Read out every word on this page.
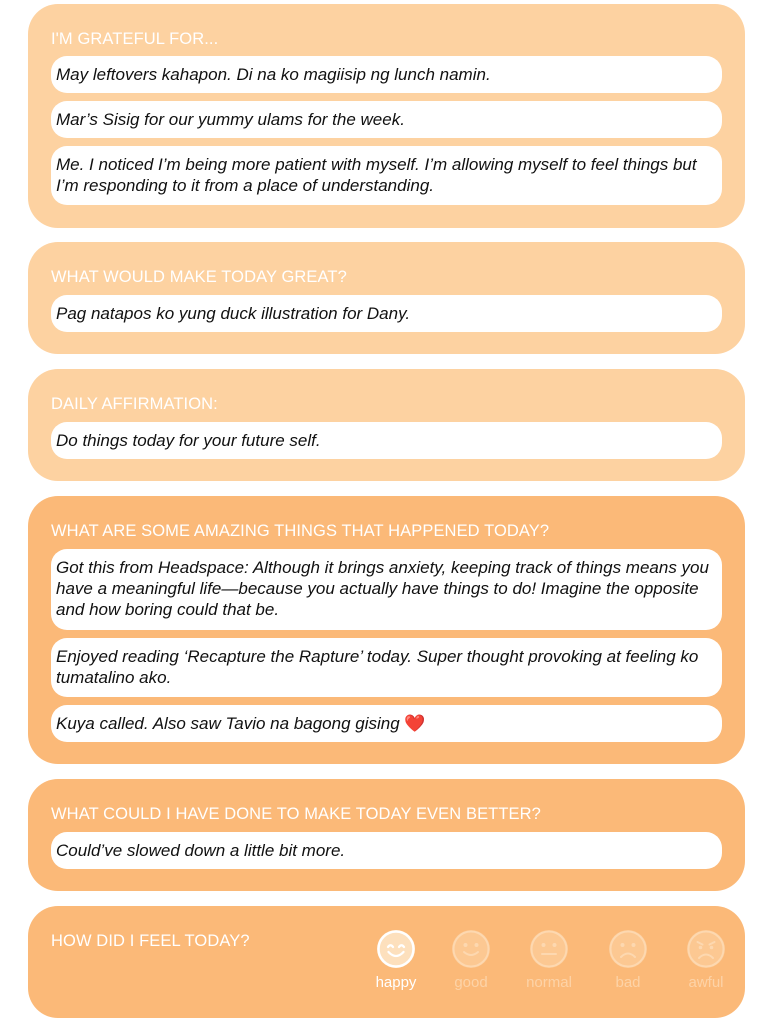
I'M GRATEFUL FOR...
May leftovers kahapon. Di na ko magiisip ng lunch namin.
Mar’s Sisig for our yummy ulams for the week.
Me. I noticed I’m being more patient with myself. I’m allowing myself to feel things but I’m responding to it from a place of understanding.
WHAT WOULD MAKE TODAY GREAT?
Pag natapos ko yung duck illustration for Dany.
DAILY AFFIRMATION:
Do things today for your future self.
WHAT ARE SOME AMAZING THINGS THAT HAPPENED TODAY?
Got this from Headspace: Although it brings anxiety, keeping track of things means you have a meaningful life—because you actually have things to do! Imagine the opposite and how boring could that be.
Enjoyed reading ‘Recapture the Rapture’ today. Super thought provoking at feeling ko tumatalino ako.
Kuya called. Also saw Tavio na bagong gising ❤️
WHAT COULD I HAVE DONE TO MAKE TODAY EVEN BETTER?
Could’ve slowed down a little bit more.
HOW DID I FEEL TODAY?
happy	good	normal	bad	awful
